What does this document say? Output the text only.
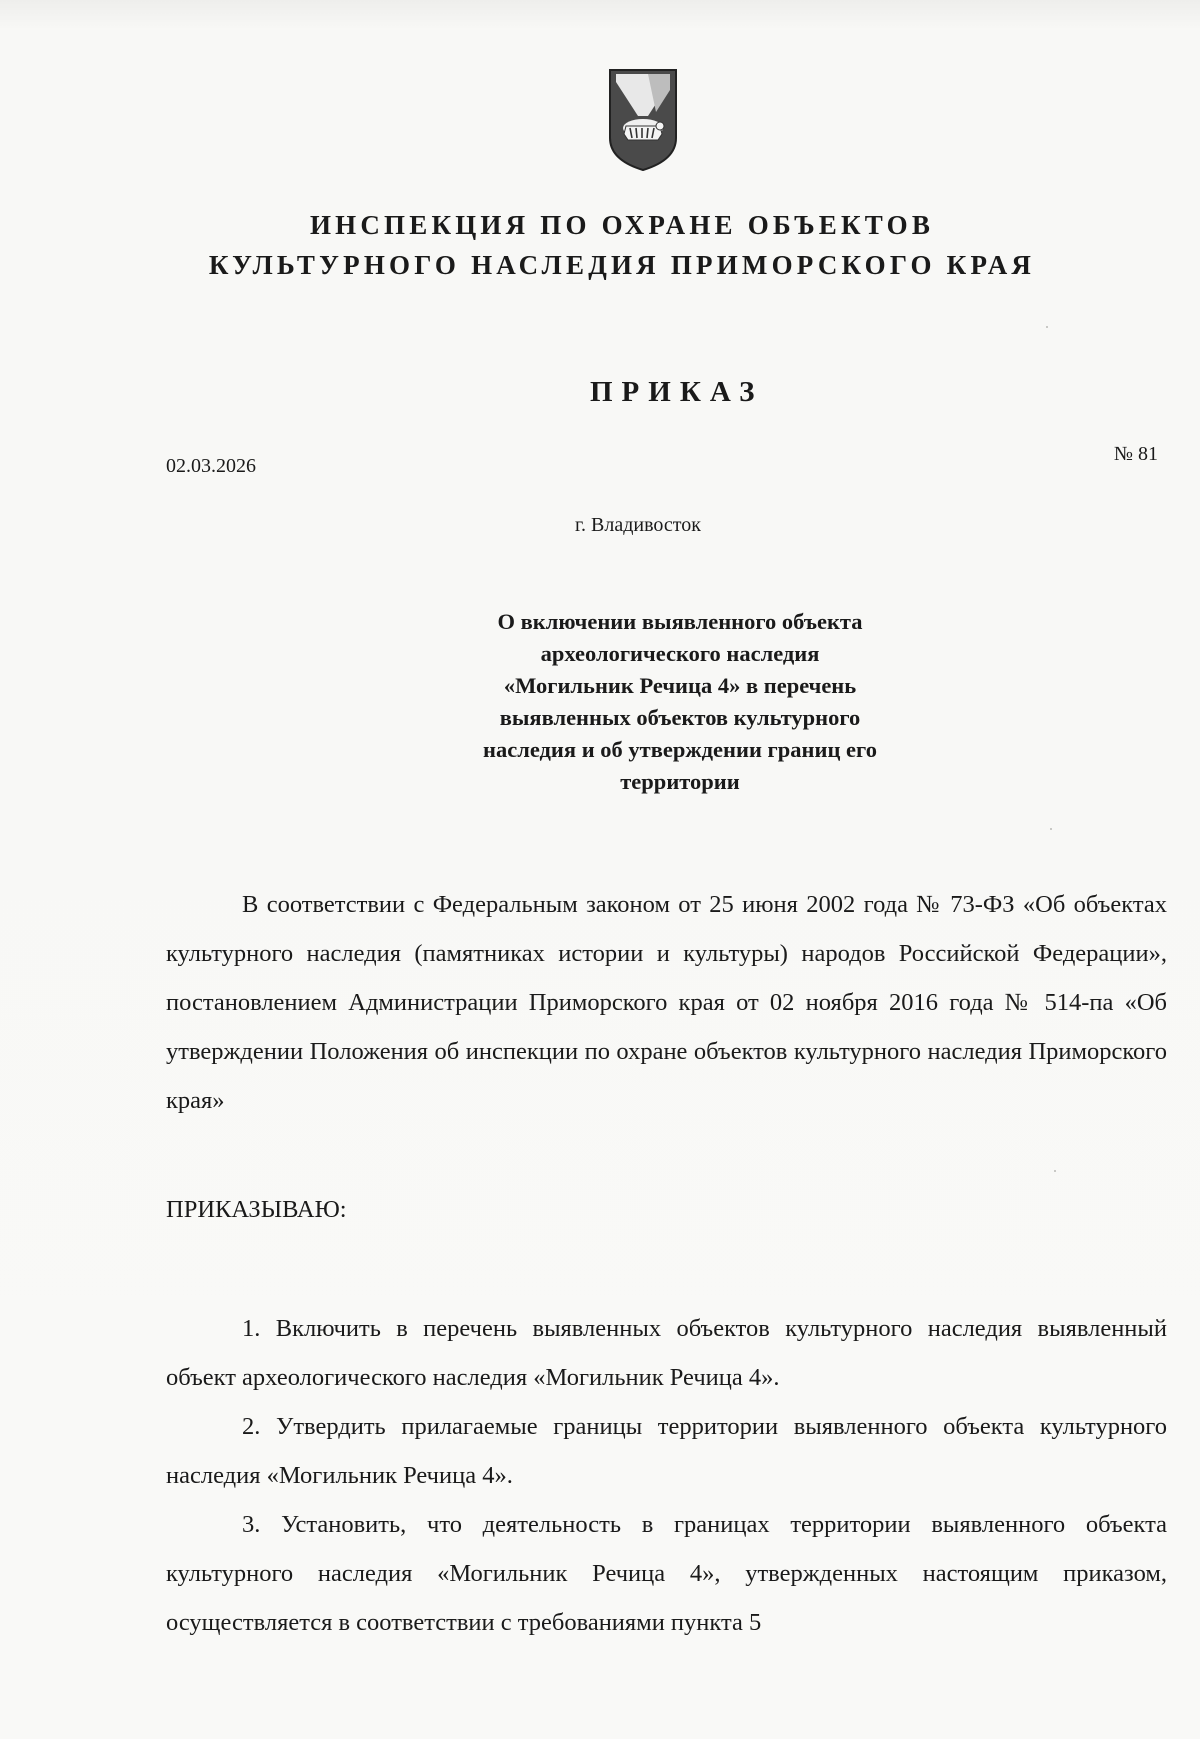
ИНСПЕКЦИЯ ПО ОХРАНЕ ОБЪЕКТОВ
КУЛЬТУРНОГО НАСЛЕДИЯ ПРИМОРСКОГО КРАЯ
ПРИКАЗ
02.03.2026
№ 81
г. Владивосток
О включении выявленного объекта
археологического наследия
«Могильник Речица 4» в перечень
выявленных объектов культурного
наследия и об утверждении границ его
территории
В соответствии с Федеральным законом от 25 июня 2002 года № 73-ФЗ «Об объектах культурного наследия (памятниках истории и культуры) народов Российской Федерации», постановлением Администрации Приморского края от 02 ноября 2016 года № 514-па «Об утверждении Положения об инспекции по охране объектов культурного наследия Приморского края»
ПРИКАЗЫВАЮ:
1. Включить в перечень выявленных объектов культурного наследия выявленный объект археологического наследия «Могильник Речица 4».
2. Утвердить прилагаемые границы территории выявленного объекта культурного наследия «Могильник Речица 4».
3. Установить, что деятельность в границах территории выявленного объекта культурного наследия «Могильник Речица 4», утвержденных настоящим приказом, осуществляется в соответствии с требованиями пункта 5
